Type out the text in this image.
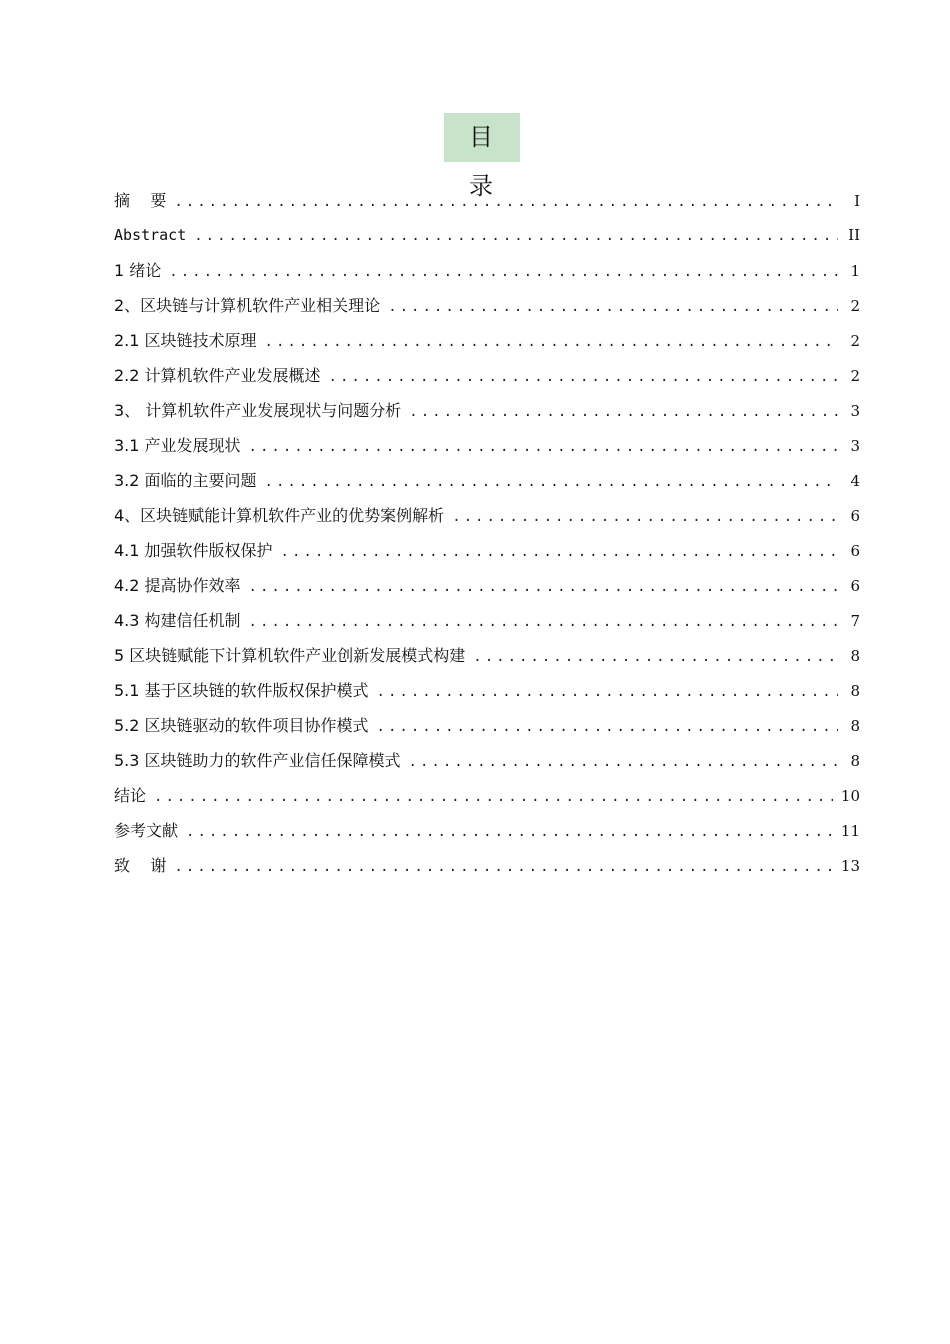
目 录
摘    要 .....	I
Abstract .....	II
1 绪论 .....	1
2、区块链与计算机软件产业相关理论 .....	2
2.1 区块链技术原理 .....	2
2.2 计算机软件产业发展概述 .....	2
3、 计算机软件产业发展现状与问题分析 .....	3
3.1 产业发展现状 .....	3
3.2 面临的主要问题 .....	4
4、区块链赋能计算机软件产业的优势案例解析 .....	6
4.1 加强软件版权保护 .....	6
4.2 提高协作效率 .....	6
4.3 构建信任机制 .....	7
5 区块链赋能下计算机软件产业创新发展模式构建 .....	8
5.1 基于区块链的软件版权保护模式 .....	8
5.2 区块链驱动的软件项目协作模式 .....	8
5.3 区块链助力的软件产业信任保障模式 .....	8
结论 .....	10
参考文献 .....	11
致    谢 .....	13
